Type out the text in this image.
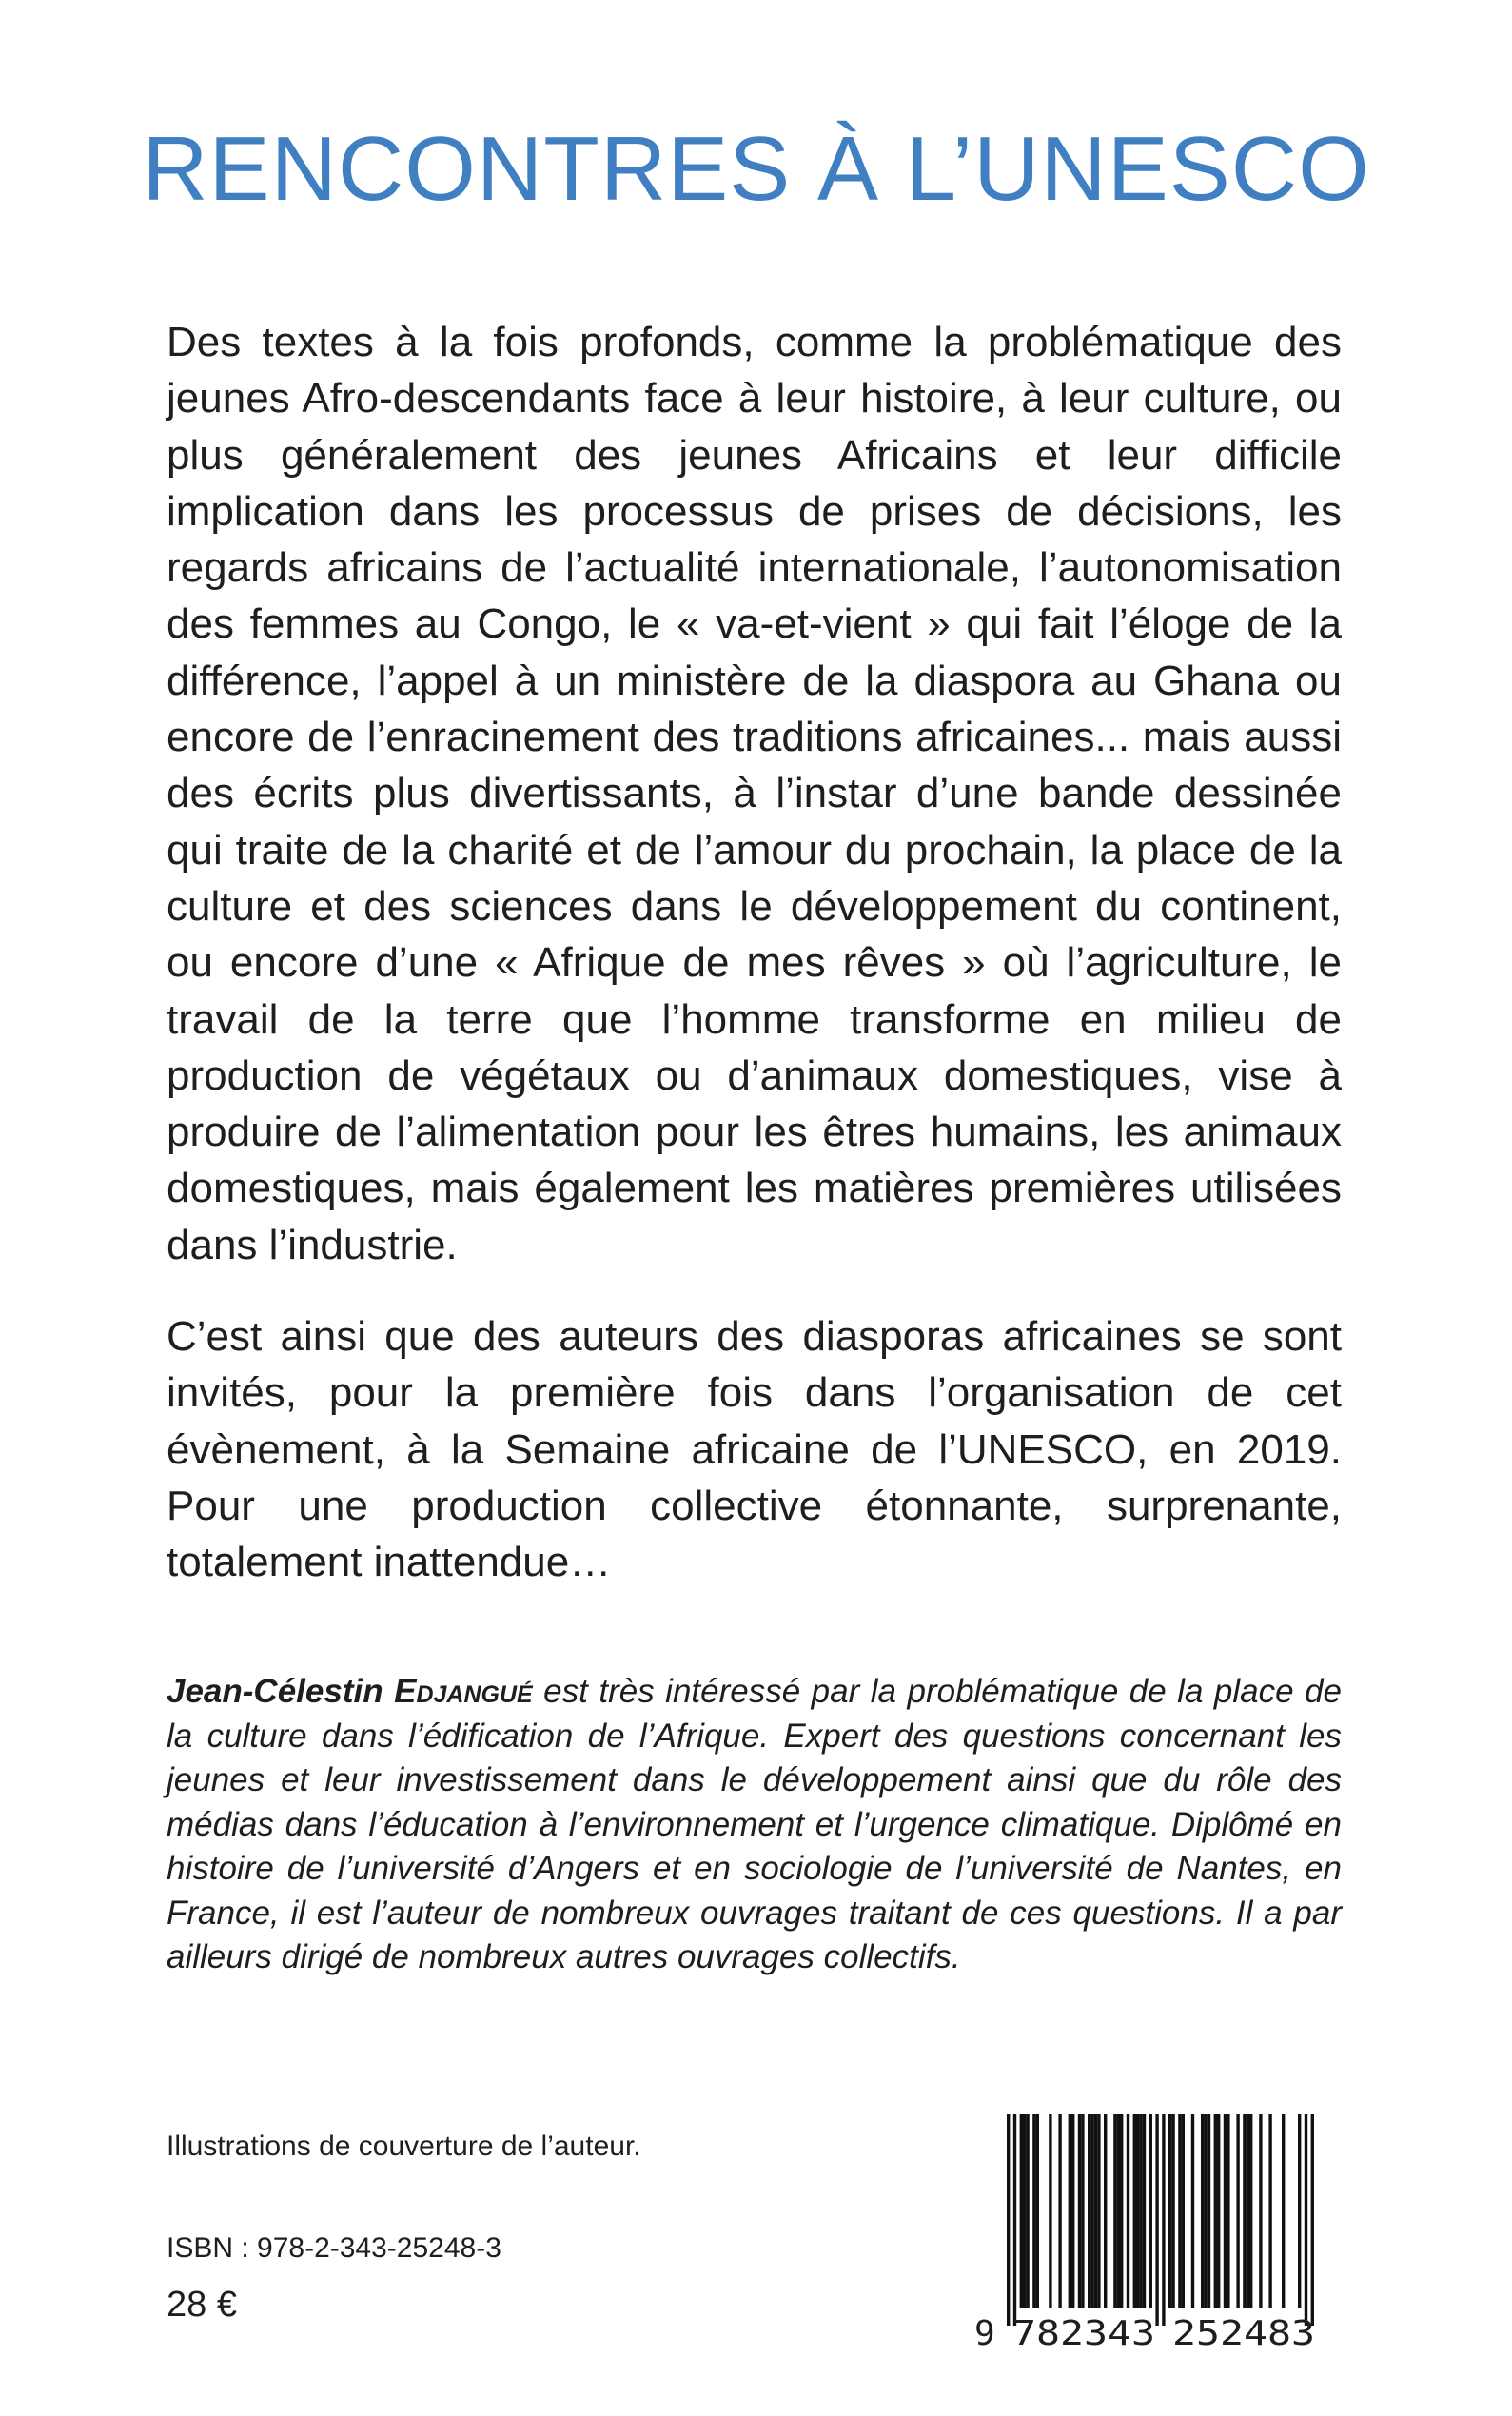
RENCONTRES À L’UNESCO

Des textes à la fois profonds, comme la problématique des jeunes Afro-descendants face à leur histoire, à leur culture, ou plus généralement des jeunes Africains et leur difficile implication dans les processus de prises de décisions, les regards africains de l’actualité internationale, l’autonomisation des femmes au Congo, le « va-et-vient » qui fait l’éloge de la différence, l’appel à un ministère de la diaspora au Ghana ou encore de l’enracinement des traditions africaines... mais aussi des écrits plus divertissants, à l’instar d’une bande dessinée qui traite de la charité et de l’amour du prochain, la place de la culture et des sciences dans le développement du continent, ou encore d’une « Afrique de mes rêves » où l’agriculture, le travail de la terre que l’homme transforme en milieu de production de végétaux ou d’animaux domestiques, vise à produire de l’alimentation pour les êtres humains, les animaux domestiques, mais également les matières premières utilisées dans l’industrie.

C’est ainsi que des auteurs des diasporas africaines se sont invités, pour la première fois dans l’organisation de cet évènement, à la Semaine africaine de l’UNESCO, en 2019. Pour une production collective étonnante, surprenante, totalement inattendue…

Jean-Célestin Edjangué est très intéressé par la problématique de la place de la culture dans l’édification de l’Afrique. Expert des questions concernant les jeunes et leur investissement dans le développement ainsi que du rôle des médias dans l’éducation à l’environnement et l’urgence climatique. Diplômé en histoire de l’université d’Angers et en sociologie de l’université de Nantes, en France, il est l’auteur de nombreux ouvrages traitant de ces questions. Il a par ailleurs dirigé de nombreux autres ouvrages collectifs.

Illustrations de couverture de l’auteur.

ISBN : 978-2-343-25248-3

28 €

9 782343 252483
